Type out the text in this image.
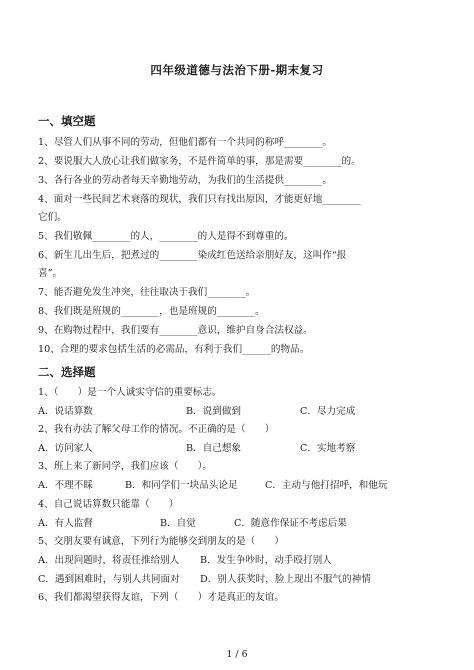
四年级道德与法治下册-期末复习
一、填空题
1、尽管人们从事不同的劳动，但他们都有一个共同的称呼________。
2、要说服大人放心让我们做家务，不是件简单的事，那是需要________的。
3、各行各业的劳动者每天辛勤地劳动，为我们的生活提供________。
4、面对一些民间艺术衰落的现状，我们只有找出原因，才能更好地________
它们。
5、我们敬佩________的人，________的人是得不到尊重的。
6、新生儿出生后，把煮过的________染成红色送给亲朋好友，这叫作“报
喜”。
7、能否避免发生冲突，往往取决于我们________。
8、我们既是班规的________，也是班规的________。
9、在购物过程中，我们要有________意识，维护自身合法权益。
10、合理的要求包括生活的必需品，有利于我们______的物品。
二、选择题
1、（　　）是一个人诚实守信的重要标志。
A．说话算数	B．说到做到	C．尽力完成
2、我有办法了解父母工作的情况。不正确的是（　　）
A．访问家人	B．自己想象	C．实地考察
3、班上来了新同学，我们应该（　　）。
A．不理不睬	B．和同学们一块品头论足	C．主动与他打招呼，和他玩
4、自己说话算数只能靠（　　）
A．有人监督	B．自觉	C．随意作保证不考虑后果
5、交朋友要有诚意，下列行为能够交到朋友的是（　　）
A．出现问题时，将责任推给别人 B．发生争吵时，动手殴打别人
C．遇到困难时，与别人共同面对 D．别人获奖时，脸上现出不服气的神情
6、我们都渴望获得友谊，下列（　　）才是真正的友谊。
1 / 6
